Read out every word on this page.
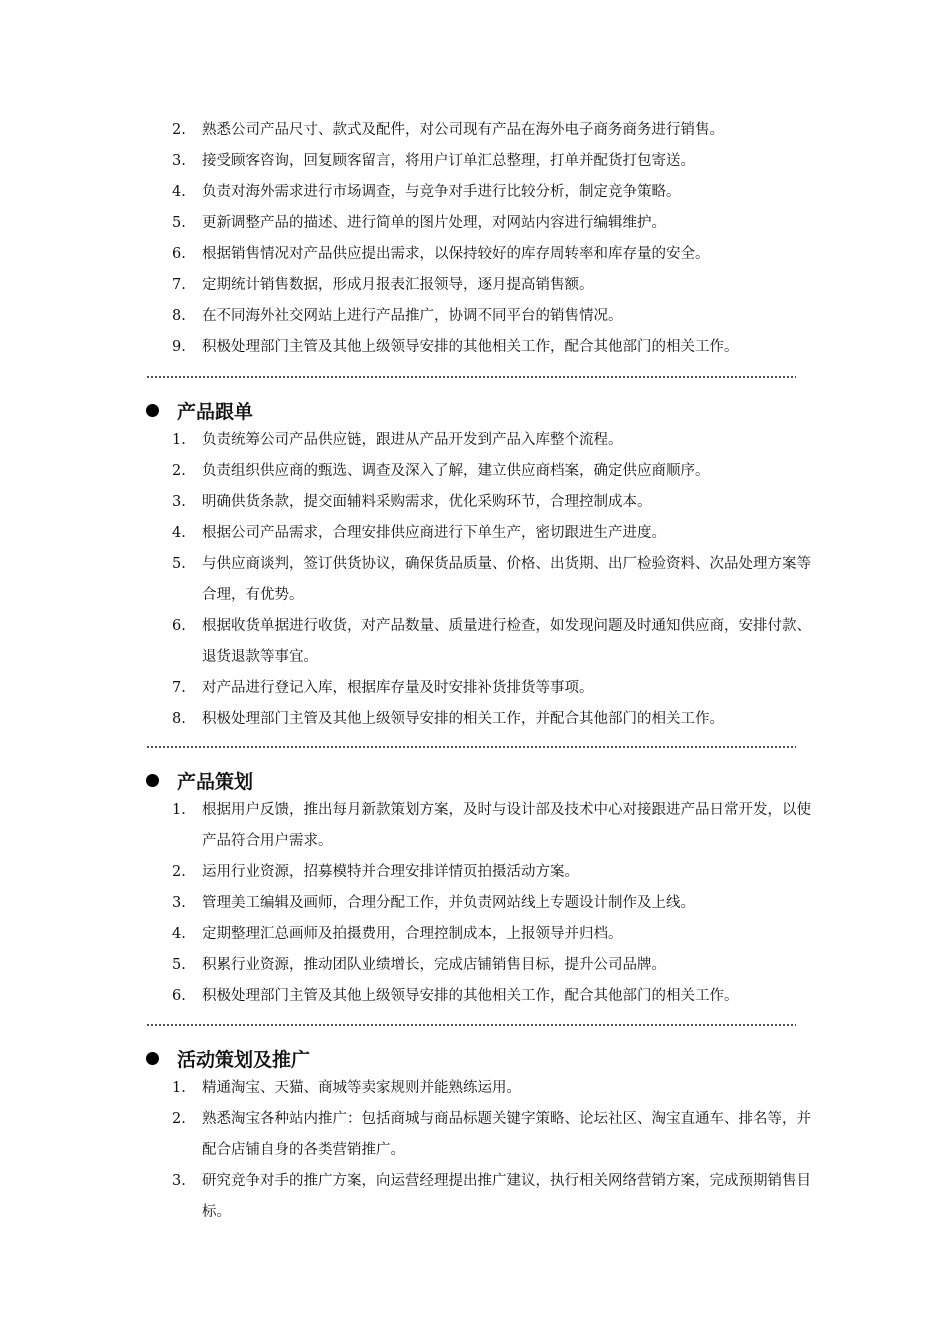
2.	熟悉公司产品尺寸、款式及配件，对公司现有产品在海外电子商务商务进行销售。
3.	接受顾客咨询，回复顾客留言，将用户订单汇总整理，打单并配货打包寄送。
4.	负责对海外需求进行市场调查，与竞争对手进行比较分析，制定竞争策略。
5.	更新调整产品的描述、进行简单的图片处理，对网站内容进行编辑维护。
6.	根据销售情况对产品供应提出需求，以保持较好的库存周转率和库存量的安全。
7.	定期统计销售数据，形成月报表汇报领导，逐月提高销售额。
8.	在不同海外社交网站上进行产品推广，协调不同平台的销售情况。
9.	积极处理部门主管及其他上级领导安排的其他相关工作，配合其他部门的相关工作。
产品跟单
1.	负责统筹公司产品供应链，跟进从产品开发到产品入库整个流程。
2.	负责组织供应商的甄选、调查及深入了解，建立供应商档案，确定供应商顺序。
3.	明确供货条款，提交面辅料采购需求，优化采购环节，合理控制成本。
4.	根据公司产品需求，合理安排供应商进行下单生产，密切跟进生产进度。
5.	与供应商谈判，签订供货协议，确保货品质量、价格、出货期、出厂检验资料、次品处理方案等合理，有优势。
6.	根据收货单据进行收货，对产品数量、质量进行检查，如发现问题及时通知供应商，安排付款、退货退款等事宜。
7.	对产品进行登记入库，根据库存量及时安排补货排货等事项。
8.	积极处理部门主管及其他上级领导安排的相关工作，并配合其他部门的相关工作。
产品策划
1.	根据用户反馈，推出每月新款策划方案，及时与设计部及技术中心对接跟进产品日常开发，以使产品符合用户需求。
2.	运用行业资源，招募模特并合理安排详情页拍摄活动方案。
3.	管理美工编辑及画师，合理分配工作，并负责网站线上专题设计制作及上线。
4.	定期整理汇总画师及拍摄费用，合理控制成本，上报领导并归档。
5.	积累行业资源，推动团队业绩增长，完成店铺销售目标，提升公司品牌。
6.	积极处理部门主管及其他上级领导安排的其他相关工作，配合其他部门的相关工作。
活动策划及推广
1.	精通淘宝、天猫、商城等卖家规则并能熟练运用。
2.	熟悉淘宝各种站内推广：包括商城与商品标题关键字策略、论坛社区、淘宝直通车、排名等，并配合店铺自身的各类营销推广。
3.	研究竞争对手的推广方案，向运营经理提出推广建议，执行相关网络营销方案，完成预期销售目标。
